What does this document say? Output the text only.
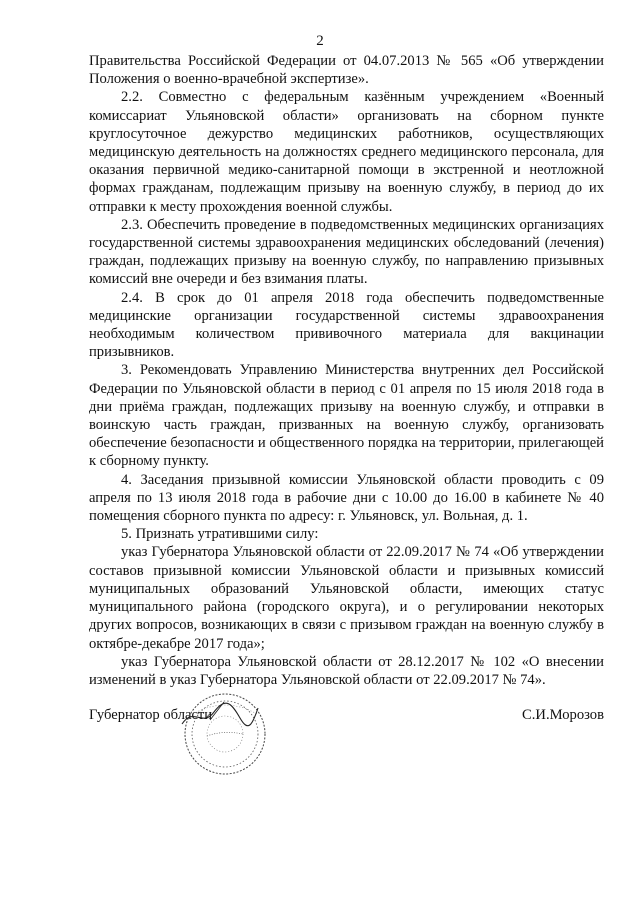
2

Правительства Российской Федерации от 04.07.2013 № 565 «Об утверждении Положения о военно-врачебной экспертизе».

2.2. Совместно с федеральным казённым учреждением «Военный комиссариат Ульяновской области» организовать на сборном пункте круглосуточное дежурство медицинских работников, осуществляющих медицинскую деятельность на должностях среднего медицинского персонала, для оказания первичной медико-санитарной помощи в экстренной и неотложной формах гражданам, подлежащим призыву на военную службу, в период до их отправки к месту прохождения военной службы.

2.3. Обеспечить проведение в подведомственных медицинских организациях государственной системы здравоохранения медицинских обследований (лечения) граждан, подлежащих призыву на военную службу, по направлению призывных комиссий вне очереди и без взимания платы.

2.4. В срок до 01 апреля 2018 года обеспечить подведомственные медицинские организации государственной системы здравоохранения необходимым количеством прививочного материала для вакцинации призывников.

3. Рекомендовать Управлению Министерства внутренних дел Российской Федерации по Ульяновской области в период с 01 апреля по 15 июля 2018 года в дни приёма граждан, подлежащих призыву на военную службу, и отправки в воинскую часть граждан, призванных на военную службу, организовать обеспечение безопасности и общественного порядка на территории, прилегающей к сборному пункту.

4. Заседания призывной комиссии Ульяновской области проводить с 09 апреля по 13 июля 2018 года в рабочие дни с 10.00 до 16.00 в кабинете № 40 помещения сборного пункта по адресу: г. Ульяновск, ул. Вольная, д. 1.

5. Признать утратившими силу:

указ Губернатора Ульяновской области от 22.09.2017 № 74 «Об утверждении составов призывной комиссии Ульяновской области и призывных комиссий муниципальных образований Ульяновской области, имеющих статус муниципального района (городского округа), и о регулировании некоторых других вопросов, возникающих в связи с призывом граждан на военную службу в октябре-декабре 2017 года»;

указ Губернатора Ульяновской области от 28.12.2017 № 102 «О внесении изменений в указ Губернатора Ульяновской области от 22.09.2017 № 74».

Губернатор области	С.И.Морозов
